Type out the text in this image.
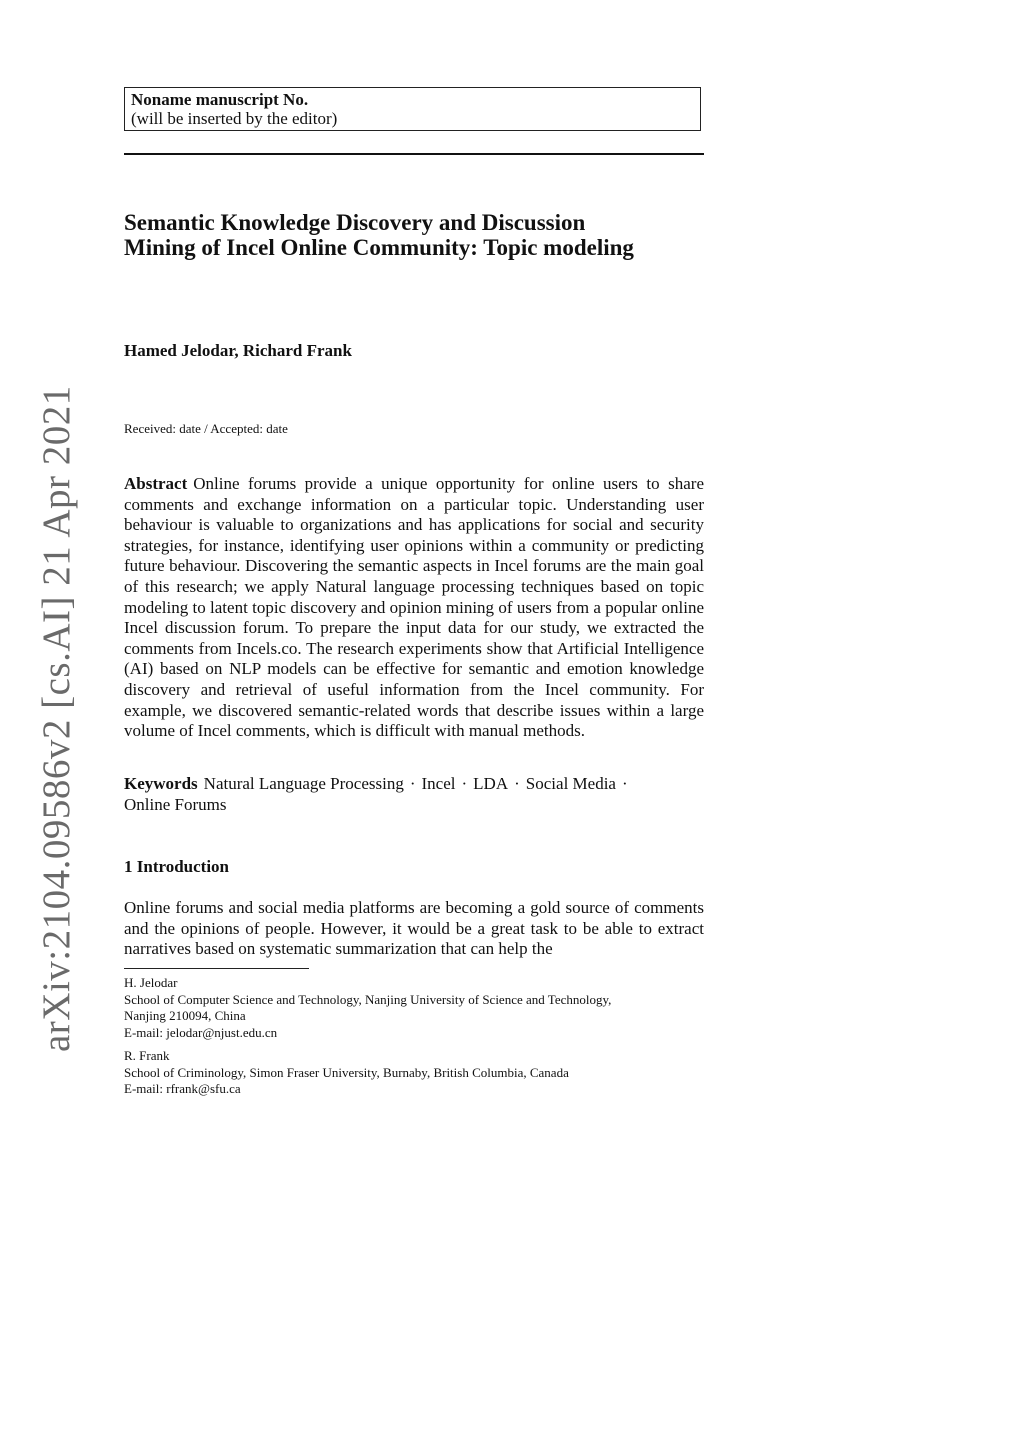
Noname manuscript No.
(will be inserted by the editor)
Semantic Knowledge Discovery and Discussion
Mining of Incel Online Community: Topic modeling
Hamed Jelodar, Richard Frank
Received: date / Accepted: date

Abstract Online forums provide a unique opportunity for online users to share comments and exchange information on a particular topic. Understanding user behaviour is valuable to organizations and has applications for social and security strategies, for instance, identifying user opinions within a community or predicting future behaviour. Discovering the semantic aspects in Incel forums are the main goal of this research; we apply Natural language processing techniques based on topic modeling to latent topic discovery and opinion mining of users from a popular online Incel discussion forum. To prepare the input data for our study, we extracted the comments from Incels.co. The research experiments show that Artificial Intelligence (AI) based on NLP models can be effective for semantic and emotion knowledge discovery and retrieval of useful information from the Incel community. For example, we discovered semantic-related words that describe issues within a large volume of Incel comments, which is difficult with manual methods.

Keywords Natural Language Processing · Incel · LDA · Social Media ·
Online Forums

1 Introduction

Online forums and social media platforms are becoming a gold source of comments and the opinions of people. However, it would be a great task to be able to extract narratives based on systematic summarization that can help the

H. Jelodar
School of Computer Science and Technology, Nanjing University of Science and Technology,
Nanjing 210094, China
E-mail: jelodar@njust.edu.cn
R. Frank
School of Criminology, Simon Fraser University, Burnaby, British Columbia, Canada
E-mail: rfrank@sfu.ca
arXiv:2104.09586v2 [cs.AI] 21 Apr 2021
